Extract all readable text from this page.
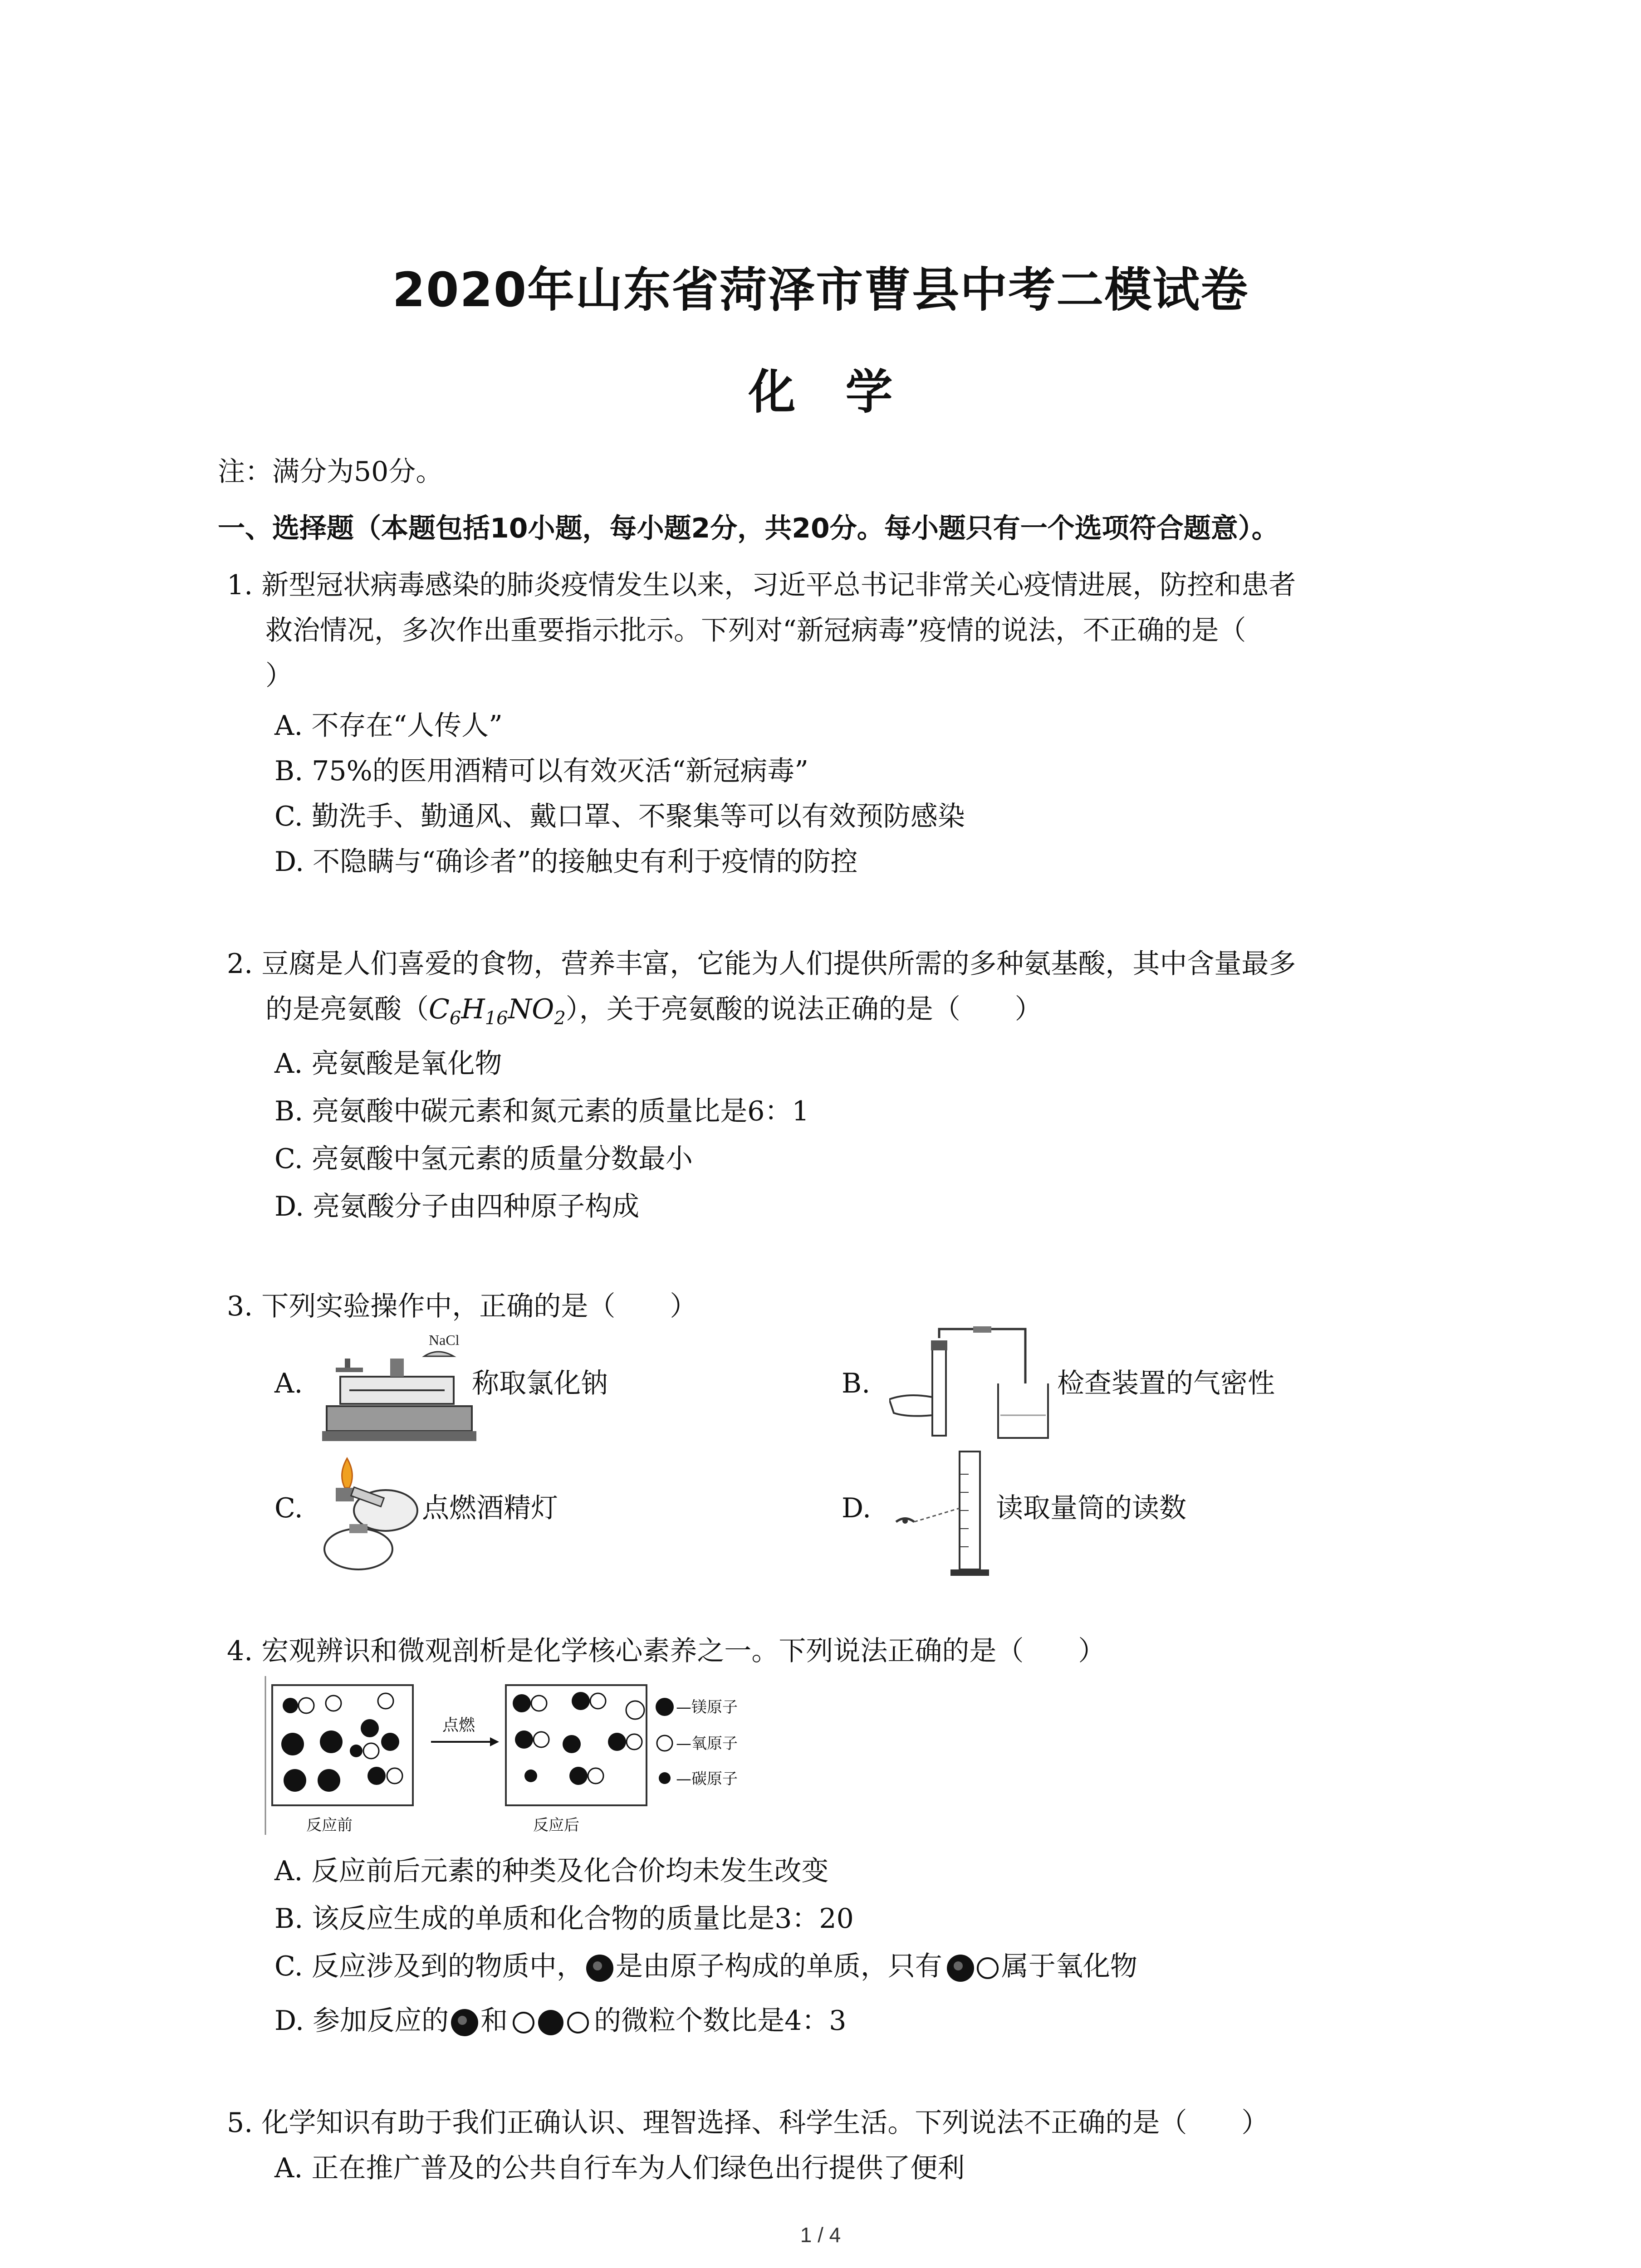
2020年山东省菏泽市曹县中考二模试卷
化学
注：满分为50分。
一、选择题（本题包括10小题，每小题2分，共20分。每小题只有一个选项符合题意）。
1. 新型冠状病毒感染的肺炎疫情发生以来，习近平总书记非常关心疫情进展，防控和患者
救治情况，多次作出重要指示批示。下列对“新冠病毒”疫情的说法，不正确的是（
）
A. 不存在“人传人”
B. 75%的医用酒精可以有效灭活“新冠病毒”
C. 勤洗手、勤通风、戴口罩、不聚集等可以有效预防感染
D. 不隐瞒与“确诊者”的接触史有利于疫情的防控
2. 豆腐是人们喜爱的食物，营养丰富，它能为人们提供所需的多种氨基酸，其中含量最多
的是亮氨酸$(C_6H_{16}NO_2)$，关于亮氨酸的说法正确的是（　　）
A. 亮氨酸是氧化物
B. 亮氨酸中碳元素和氮元素的质量比是6：1
C. 亮氨酸中氢元素的质量分数最小
D. 亮氨酸分子由四种原子构成
3. 下列实验操作中，正确的是（　　）
A.
NaCl
称取氯化钠	B.	检查装置的气密性
C.	点燃酒精灯	D.	读取量筒的读数
4. 宏观辨识和微观剖析是化学核心素养之一。下列说法正确的是（　　）
点燃
反应前	反应后
—镁原子
—氧原子
—碳原子
A. 反应前后元素的种类及化合价均未发生改变
B. 该反应生成的单质和化合物的质量比是3：20
C. 反应涉及到的物质中， 是由原子构成的单质，只有 属于氧化物
D. 参加反应的 和	的微粒个数比是4：3
5. 化学知识有助于我们正确认识、理智选择、科学生活。下列说法不正确的是（　　）
A. 正在推广普及的公共自行车为人们绿色出行提供了便利
1 / 4
